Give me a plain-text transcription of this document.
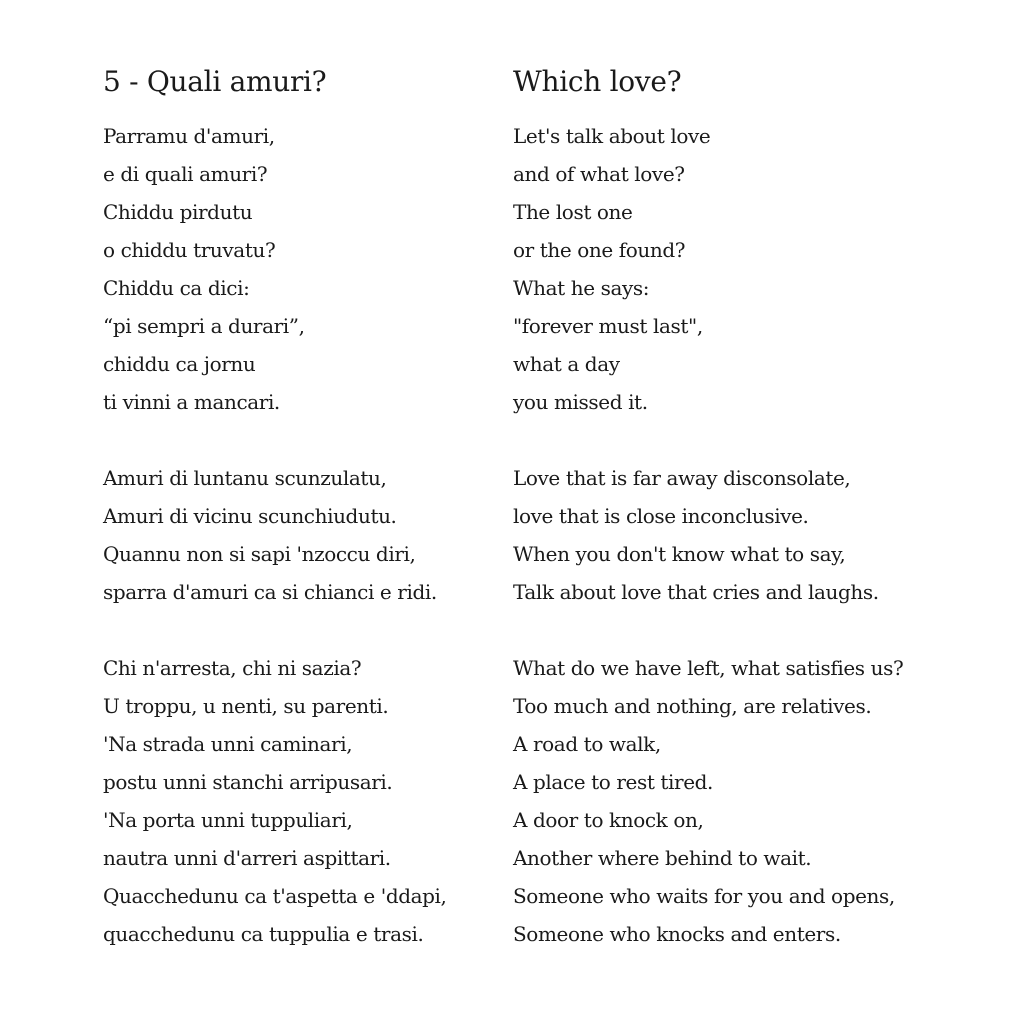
5 - Quali amuri?
Parramu d'amuri,
e di quali amuri?
Chiddu pirdutu
o chiddu truvatu?
Chiddu ca dici:
“pi sempri a durari”,
chiddu ca jornu
ti vinni a mancari.
Amuri di luntanu scunzulatu,
Amuri di vicinu scunchiudutu.
Quannu non si sapi 'nzoccu diri,
sparra d'amuri ca si chianci e ridi.
Chi n'arresta, chi ni sazia?
U troppu, u nenti, su parenti.
'Na strada unni caminari,
postu unni stanchi arripusari.
'Na porta unni tuppuliari,
nautra unni d'arreri aspittari.
Quacchedunu ca t'aspetta e 'ddapi,
quacchedunu ca tuppulia e trasi.
Which love?
Let's talk about love
and of what love?
The lost one
or the one found?
What he says:
"forever must last",
what a day
you missed it.
Love that is far away disconsolate,
love that is close inconclusive.
When you don't know what to say,
Talk about love that cries and laughs.
What do we have left, what satisfies us?
Too much and nothing, are relatives.
A road to walk,
A place to rest tired.
A door to knock on,
Another where behind to wait.
Someone who waits for you and opens,
Someone who knocks and enters.
